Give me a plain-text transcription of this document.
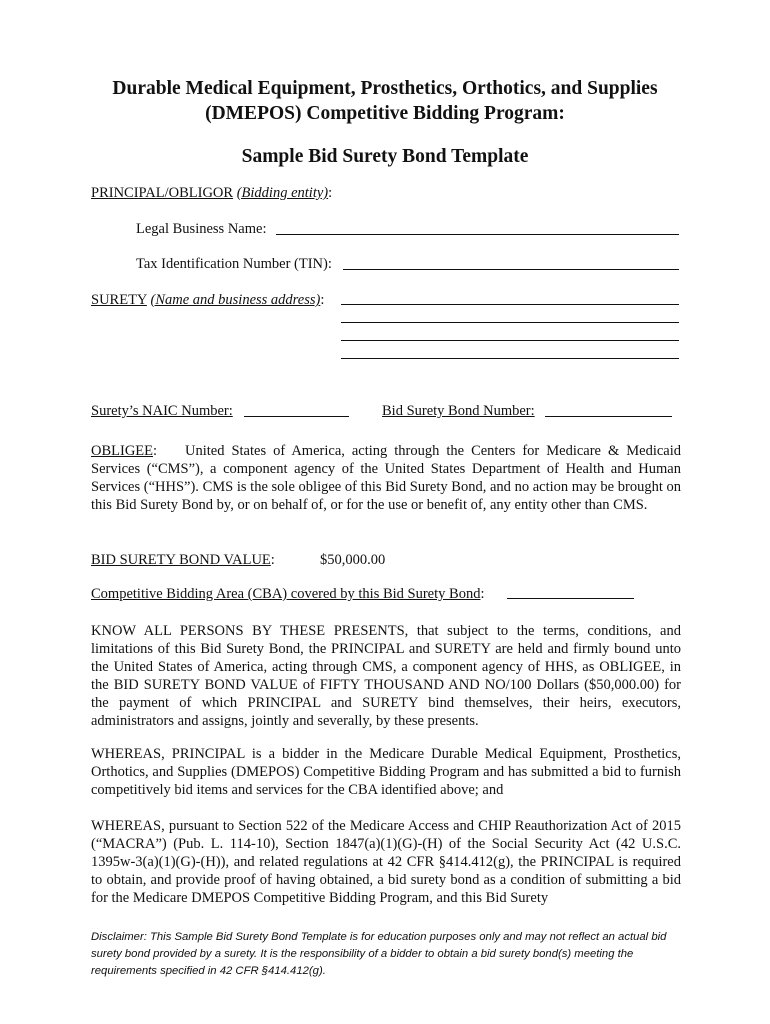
Durable Medical Equipment, Prosthetics, Orthotics, and Supplies
(DMEPOS) Competitive Bidding Program:
Sample Bid Surety Bond Template
PRINCIPAL/OBLIGOR (Bidding entity):
Legal Business Name:
Tax Identification Number (TIN):
SURETY (Name and business address):
Surety’s NAIC Number:	Bid Surety Bond Number:

OBLIGEE: United States of America, acting through the Centers for Medicare & Medicaid Services (“CMS”), a component agency of the United States Department of Health and Human Services (“HHS”). CMS is the sole obligee of this Bid Surety Bond, and no action may be brought on this Bid Surety Bond by, or on behalf of, or for the use or benefit of, any entity other than CMS.

BID SURETY BOND VALUE:	$50,000.00
Competitive Bidding Area (CBA) covered by this Bid Surety Bond:

KNOW ALL PERSONS BY THESE PRESENTS, that subject to the terms, conditions, and limitations of this Bid Surety Bond, the PRINCIPAL and SURETY are held and firmly bound unto the United States of America, acting through CMS, a component agency of HHS, as OBLIGEE, in the BID SURETY BOND VALUE of FIFTY THOUSAND AND NO/100 Dollars ($50,000.00) for the payment of which PRINCIPAL and SURETY bind themselves, their heirs, executors, administrators and assigns, jointly and severally, by these presents.

WHEREAS, PRINCIPAL is a bidder in the Medicare Durable Medical Equipment, Prosthetics, Orthotics, and Supplies (DMEPOS) Competitive Bidding Program and has submitted a bid to furnish competitively bid items and services for the CBA identified above; and

WHEREAS, pursuant to Section 522 of the Medicare Access and CHIP Reauthorization Act of 2015 (“MACRA”) (Pub. L. 114-10), Section 1847(a)(1)(G)-(H) of the Social Security Act (42 U.S.C. 1395w-3(a)(1)(G)-(H)), and related regulations at 42 CFR §414.412(g), the PRINCIPAL is required to obtain, and provide proof of having obtained, a bid surety bond as a condition of submitting a bid for the Medicare DMEPOS Competitive Bidding Program, and this Bid Surety

Disclaimer: This Sample Bid Surety Bond Template is for education purposes only and may not reflect an actual bid surety bond provided by a surety. It is the responsibility of a bidder to obtain a bid surety bond(s) meeting the requirements specified in 42 CFR §414.412(g).
